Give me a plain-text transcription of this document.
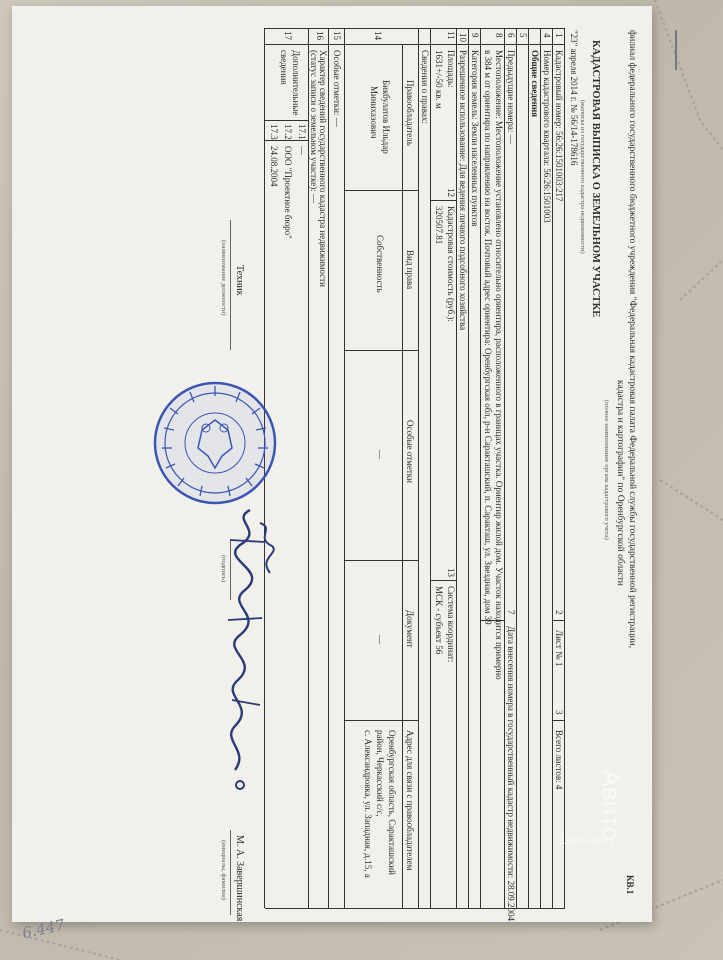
филиал федерального государственного бюджетного учреждения "Федеральная кадастровая палата Федеральной службы государственной регистрации,
кадастра и картографии" по Оренбургской области
(полное наименование органа кадастрового учета)
КВ.1
КАДАСТРОВАЯ ВЫПИСКА О ЗЕМЕЛЬНОМ УЧАСТКЕ
(выписка из государственного кадастра недвижимости)
"23" апреля 2014 г. № 56/14-178616
1
2
3
4
5
6
7
8
9
10
11
12
13
14
15
16
17
Кадастровый номер: 56:26:1501003:217
Лист № 1
Всего листов: 4
Номер кадастрового квартала: 56:26:1501003
Общие сведения
Предыдущие номера: —
Дата внесения номера в государственный кадастр недвижимости: 28.09.2004
Местоположение: Местоположение установлено относительно ориентира, расположенного в границах участка. Ориентир жилой дом. Участок находится примерно
в 384 м от ориентира по направлению на восток. Почтовый адрес ориентира: Оренбургская обл, р-н Саракташский, п. Саракташ, ул. Звездная, дом 39
Категория земель: Земли населенных пунктов
Разрешенное использование: Для ведения личного подсобного хозяйства
Площадь:
1631+/-50 кв. м
Кадастровая стоимость (руб.):
320507.81
Система координат:
МСК - субъект 56
Сведения о правах:
Правообладатель
Вид права
Особые отметки
Документ
Адрес для связи с правообладателем
Бикбулатов Ильдар
Минихазович
Собственность
—
—
Оренбургская область, Саракташский
район, Черкасский с/с,
с. Александровка, ул. Западная, д.15, а
Особые отметки: —
Характер сведений государственного кадастра недвижимости
(статус записи о земельном участке): —
Дополнительные
сведения
17.1
—
17.2
ООО "Проектное бюро"
17.3
24.08.2004
Техник
(наименование должности)
(подпись)
М. А. Завершинская
(инициалы, фамилия)
6.447
Авито
1422342213
